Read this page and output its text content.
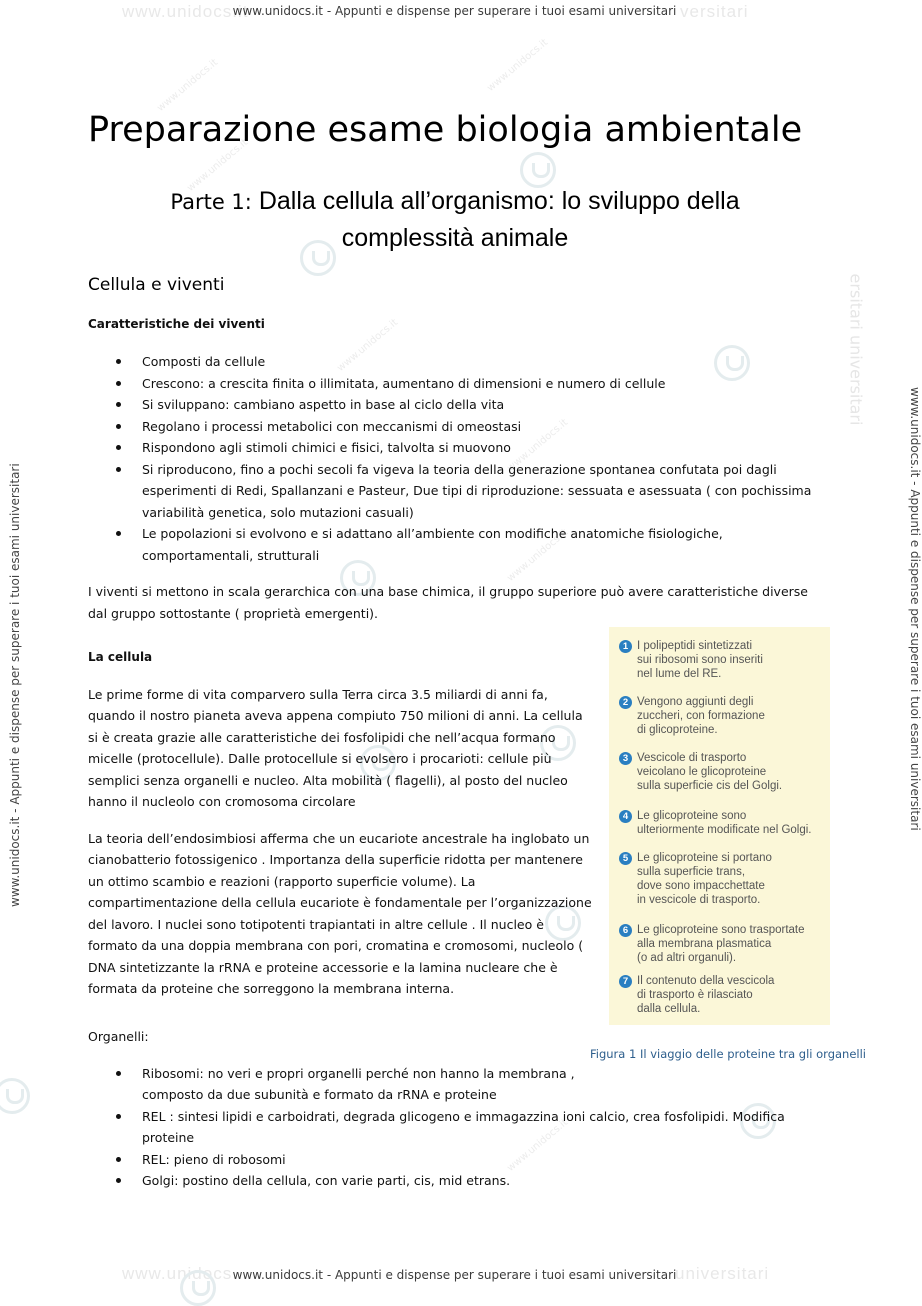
www.unidocs.it	versitari
www.unidocs.it - Appunti e dispense per superare i tuoi esami universitari
www.unidocs	universitari
www.unidocs.it - Appunti e dispense per superare i tuoi esami universitari
www.unidocs.it - Appunti e dispense per superare i tuoi esami universitari	www.unidocs.it - Appunti e dispense per superare i tuoi esami universitari
ersitari universitari
www.unidocs.it	www.unidocs.it
www.unidocs.it
www.unidocs.it
www.unidocs.it
www.unidocs.it
www.unidocs.it
Preparazione esame biologia ambientale
Parte 1: Dalla cellula all’organismo: lo sviluppo della
complessità animale
Cellula e viventi
Caratteristiche dei viventi
Composti da cellule
Crescono: a crescita finita o illimitata, aumentano di dimensioni e numero di cellule
Si sviluppano: cambiano aspetto in base al ciclo della vita
Regolano i processi metabolici con meccanismi di omeostasi
Rispondono agli stimoli chimici e fisici, talvolta si muovono
Si riproducono, fino a pochi secoli fa vigeva la teoria della generazione spontanea confutata poi dagli esperimenti di Redi, Spallanzani e Pasteur, Due tipi di riproduzione: sessuata e asessuata ( con pochissima variabilità genetica, solo mutazioni casuali)
Le popolazioni si evolvono e si adattano all’ambiente con modifiche anatomiche fisiologiche, comportamentali, strutturali

I viventi si mettono in scala gerarchica con una base chimica, il gruppo superiore può avere caratteristiche diverse dal gruppo sottostante ( proprietà emergenti).

La cellula

Le prime forme di vita comparvero sulla Terra circa 3.5 miliardi di anni fa, quando il nostro pianeta aveva appena compiuto 750 milioni di anni. La cellula si è creata grazie alle caratteristiche dei fosfolipidi che nell’acqua formano micelle (protocellule). Dalle protocellule si evolsero i procarioti: cellule più semplici senza organelli e nucleo. Alta mobilità ( flagelli), al posto del nucleo hanno il nucleolo con cromosoma circolare

La teoria dell’endosimbiosi afferma che un eucariote ancestrale ha inglobato un cianobatterio fotossigenico . Importanza della superficie ridotta per mantenere un ottimo scambio e reazioni (rapporto superficie volume). La compartimentazione della cellula eucariote è fondamentale per l’organizzazione del lavoro. I nuclei sono totipotenti trapiantati in altre cellule . Il nucleo è formato da una doppia membrana con pori, cromatina e cromosomi, nucleolo ( DNA sintetizzante la rRNA e proteine accessorie e la lamina nucleare che è formata da proteine che sorreggono la membrana interna.

Organelli:
Ribosomi: no veri e propri organelli perché non hanno la membrana , composto da due subunità e formato da rRNA e proteine
REL : sintesi lipidi e carboidrati, degrada glicogeno e immagazzina ioni calcio, crea fosfolipidi. Modifica proteine
REL: pieno di robosomi
Golgi: postino della cellula, con varie parti, cis, mid etrans.
1 I polipeptidi sintetizzati
sui ribosomi sono inseriti
nel lume del RE.
2 Vengono aggiunti degli
zuccheri, con formazione
di glicoproteine.
3 Vescicole di trasporto
veicolano le glicoproteine
sulla superficie cis del Golgi.
4 Le glicoproteine sono
ulteriormente modificate nel Golgi.
5 Le glicoproteine si portano
sulla superficie trans,
dove sono impacchettate
in vescicole di trasporto.
6 Le glicoproteine sono trasportate
alla membrana plasmatica
(o ad altri organuli).
7 Il contenuto della vescicola
di trasporto è rilasciato
dalla cellula.
Figura 1 Il viaggio delle proteine tra gli organelli
